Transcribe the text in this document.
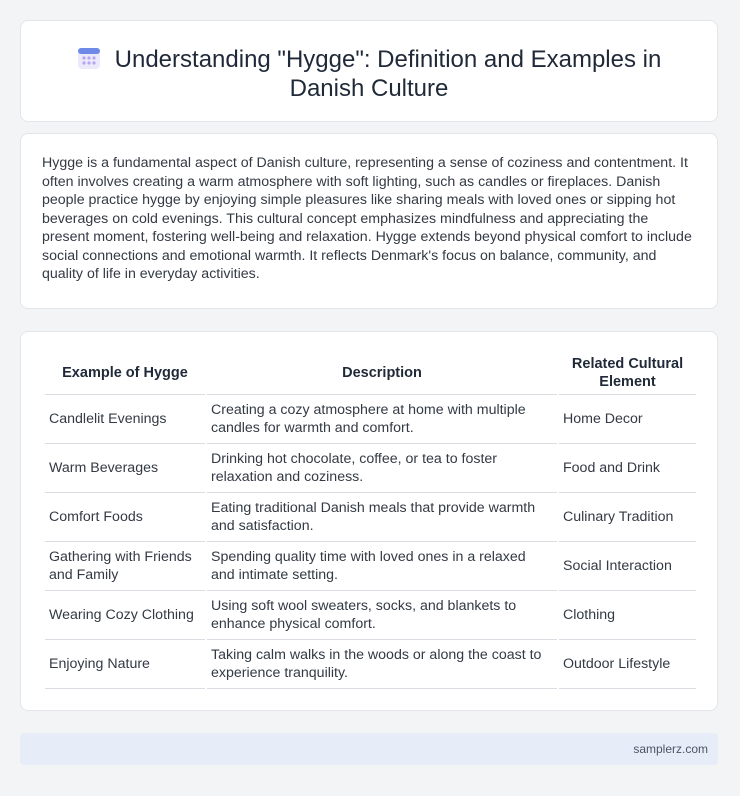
Understanding "Hygge": Definition and Examples in
Danish Culture
Hygge is a fundamental aspect of Danish culture, representing a sense of coziness and contentment. It often involves creating a warm atmosphere with soft lighting, such as candles or fireplaces. Danish people practice hygge by enjoying simple pleasures like sharing meals with loved ones or sipping hot beverages on cold evenings. This cultural concept emphasizes mindfulness and appreciating the present moment, fostering well-being and relaxation. Hygge extends beyond physical comfort to include social connections and emotional warmth. It reflects Denmark's focus on balance, community, and quality of life in everyday activities.
Example of Hygge	Description	Related Cultural Element
Candlelit Evenings	Creating a cozy atmosphere at home with multiple candles for warmth and comfort.	Home Decor
Warm Beverages	Drinking hot chocolate, coffee, or tea to foster relaxation and coziness.	Food and Drink
Comfort Foods	Eating traditional Danish meals that provide warmth and satisfaction.	Culinary Tradition
Gathering with Friends and Family	Spending quality time with loved ones in a relaxed and intimate setting.	Social Interaction
Wearing Cozy Clothing	Using soft wool sweaters, socks, and blankets to enhance physical comfort.	Clothing
Enjoying Nature	Taking calm walks in the woods or along the coast to experience tranquility.	Outdoor Lifestyle
samplerz.com
